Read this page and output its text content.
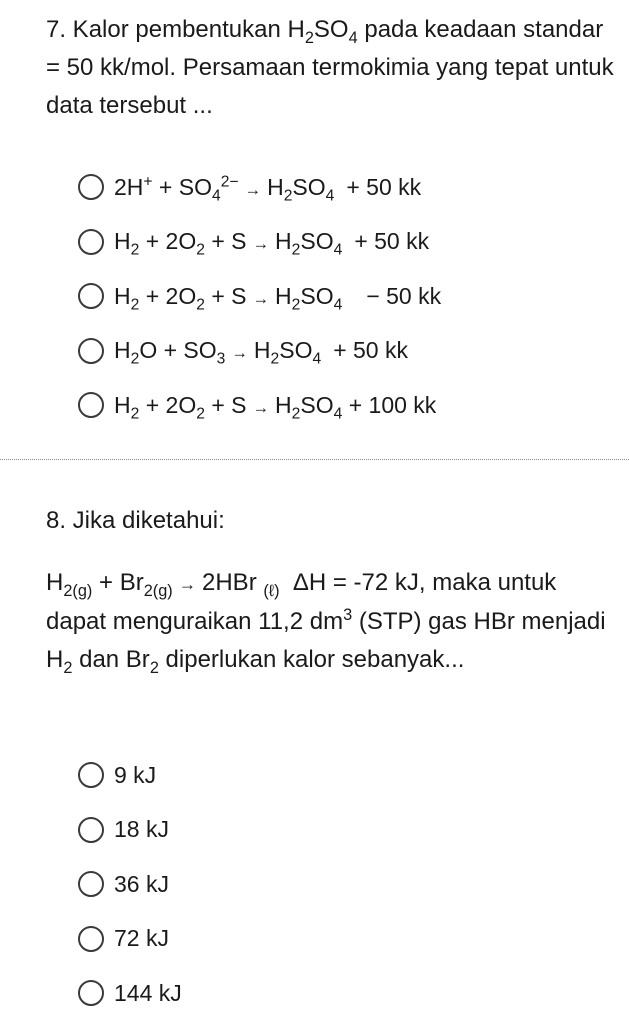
7. Kalor pembentukan $H_2SO_4$ pada keadaan standar = 50 kk/mol. Persamaan termokimia yang tepat untuk data tersebut ...
$2H^+ + SO_4^{2-} \to H_2SO_4 + 50$ kk
$H_2 + 2O_2 + S \to H_2SO_4 + 50$ kk
$H_2 + 2O_2 + S \to H_2SO_4 - 50$ kk
$H_2O + SO_3 \to H_2SO_4 + 50$ kk
$H_2 + 2O_2 + S \to H_2SO_4 + 100$ kk
8. Jika diketahui:
$H_{2(g)} + Br_{2(g)} \to 2HBr$ $_{(\ell)}$  ΔH = -72 kJ, maka untuk dapat menguraikan 11,2 $dm^3$ (STP) gas HBr menjadi $H_2$ dan $Br_2$ diperlukan kalor sebanyak...
9 kJ
18 kJ
36 kJ
72 kJ
144 kJ
